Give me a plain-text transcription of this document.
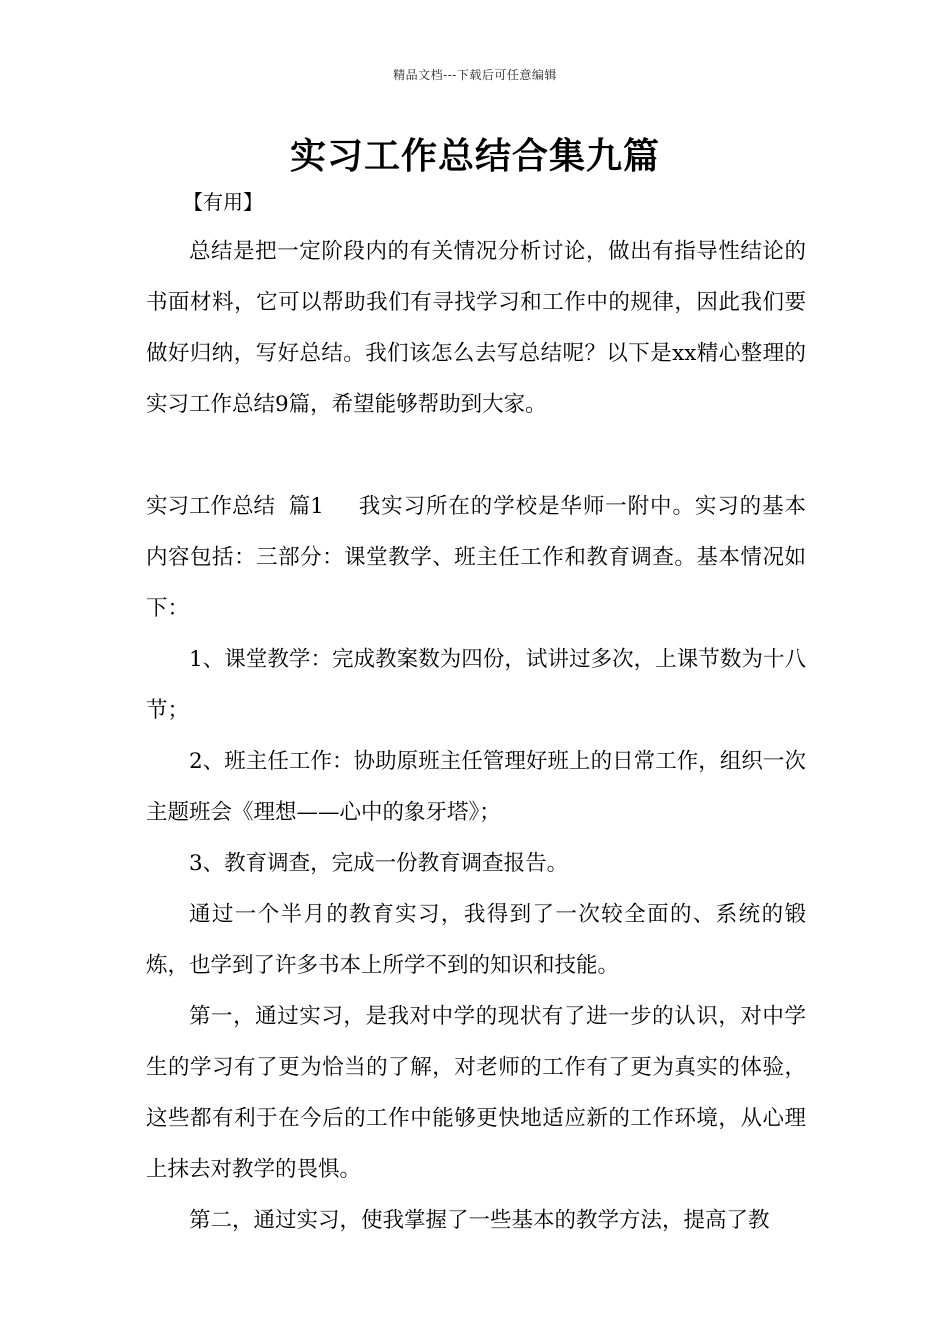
精品文档---下载后可任意编辑
实习工作总结合集九篇
【有用】

总结是把一定阶段内的有关情况分析讨论，做出有指导性结论的书面材料，它可以帮助我们有寻找学习和工作中的规律，因此我们要做好归纳，写好总结。我们该怎么去写总结呢？以下是xx精心整理的实习工作总结9篇，希望能够帮助到大家。

实习工作总结  篇1 我实习所在的学校是华师一附中。实习的基本内容包括：三部分：课堂教学、班主任工作和教育调查。基本情况如下：

1、课堂教学：完成教案数为四份，试讲过多次，上课节数为十八节；

2、班主任工作：协助原班主任管理好班上的日常工作，组织一次主题班会《理想——心中的象牙塔》；

3、教育调查，完成一份教育调查报告。

通过一个半月的教育实习，我得到了一次较全面的、系统的锻炼，也学到了许多书本上所学不到的知识和技能。

第一，通过实习，是我对中学的现状有了进一步的认识，对中学生的学习有了更为恰当的了解，对老师的工作有了更为真实的体验，这些都有利于在今后的工作中能够更快地适应新的工作环境，从心理上抹去对教学的畏惧。

第二，通过实习，使我掌握了一些基本的教学方法，提高了教
